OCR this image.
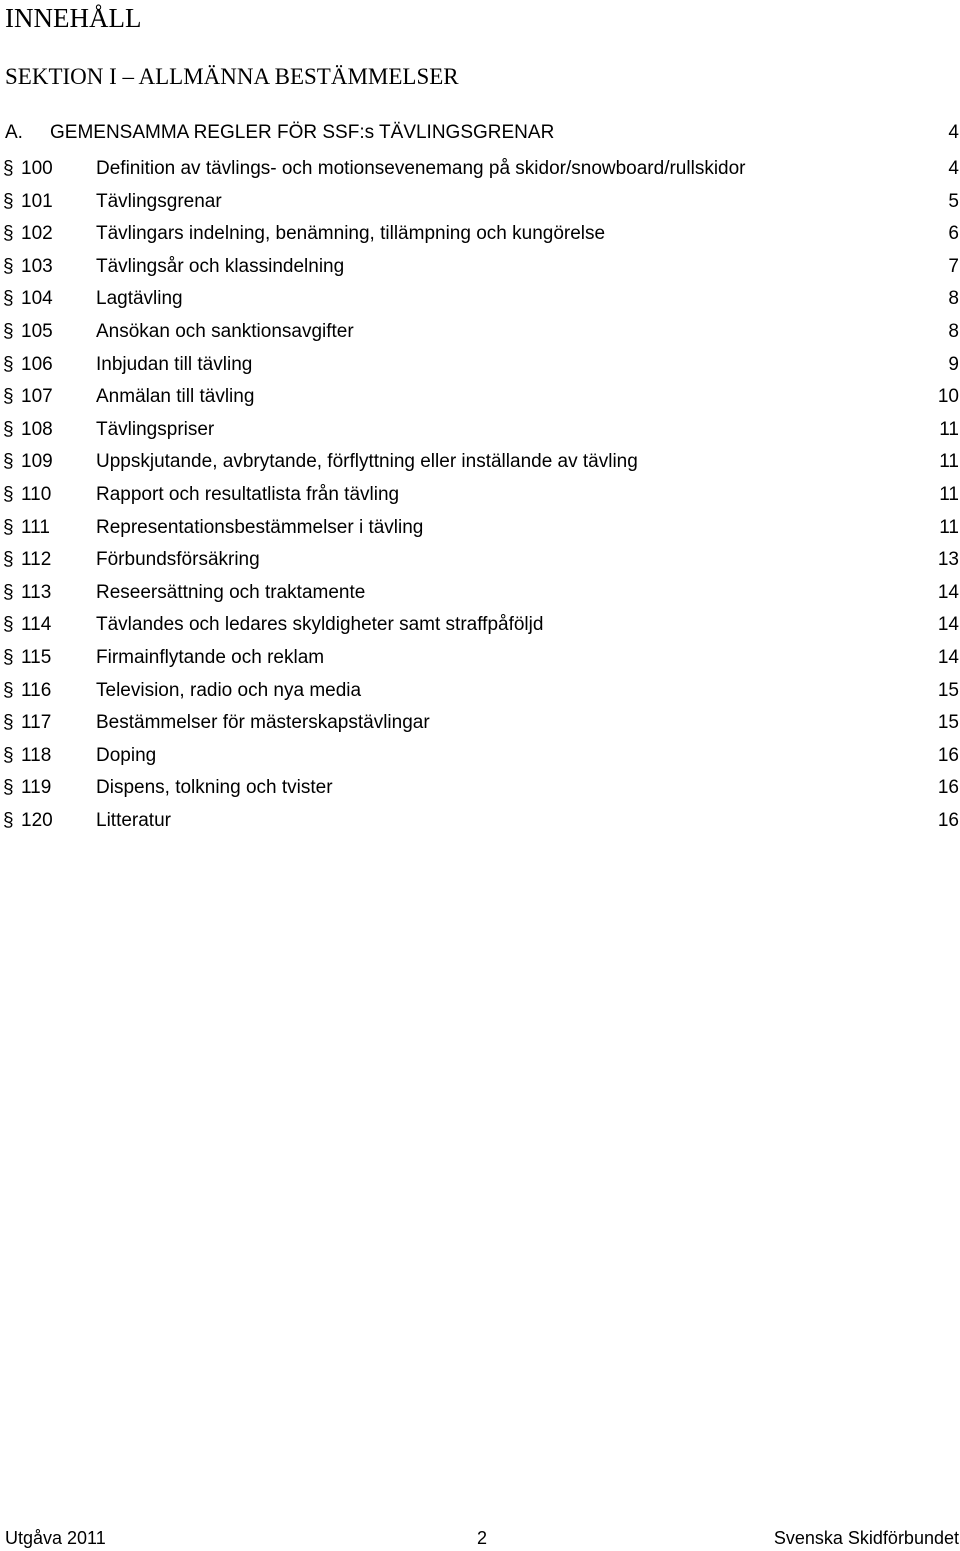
INNEHÅLL
SEKTION I – ALLMÄNNA BESTÄMMELSER
A. GEMENSAMMA REGLER FÖR SSF:s TÄVLINGSGRENAR	4
§ 100 Definition av tävlings- och motionsevenemang på skidor/snowboard/rullskidor	4
§ 101 Tävlingsgrenar	5
§ 102 Tävlingars indelning, benämning, tillämpning och kungörelse	6
§ 103 Tävlingsår och klassindelning	7
§ 104 Lagtävling	8
§ 105 Ansökan och sanktionsavgifter	8
§ 106 Inbjudan till tävling	9
§ 107 Anmälan till tävling	10
§ 108 Tävlingspriser	11
§ 109 Uppskjutande, avbrytande, förflyttning eller inställande av tävling	11
§ 110 Rapport och resultatlista från tävling	11
§ 111 Representationsbestämmelser i tävling	11
§ 112 Förbundsförsäkring	13
§ 113 Reseersättning och traktamente	14
§ 114 Tävlandes och ledares skyldigheter samt straffpåföljd	14
§ 115 Firmainflytande och reklam	14
§ 116 Television, radio och nya media	15
§ 117 Bestämmelser för mästerskapstävlingar	15
§ 118 Doping	16
§ 119 Dispens, tolkning och tvister	16
§ 120 Litteratur	16
Utgåva 2011	2	Svenska Skidförbundet
